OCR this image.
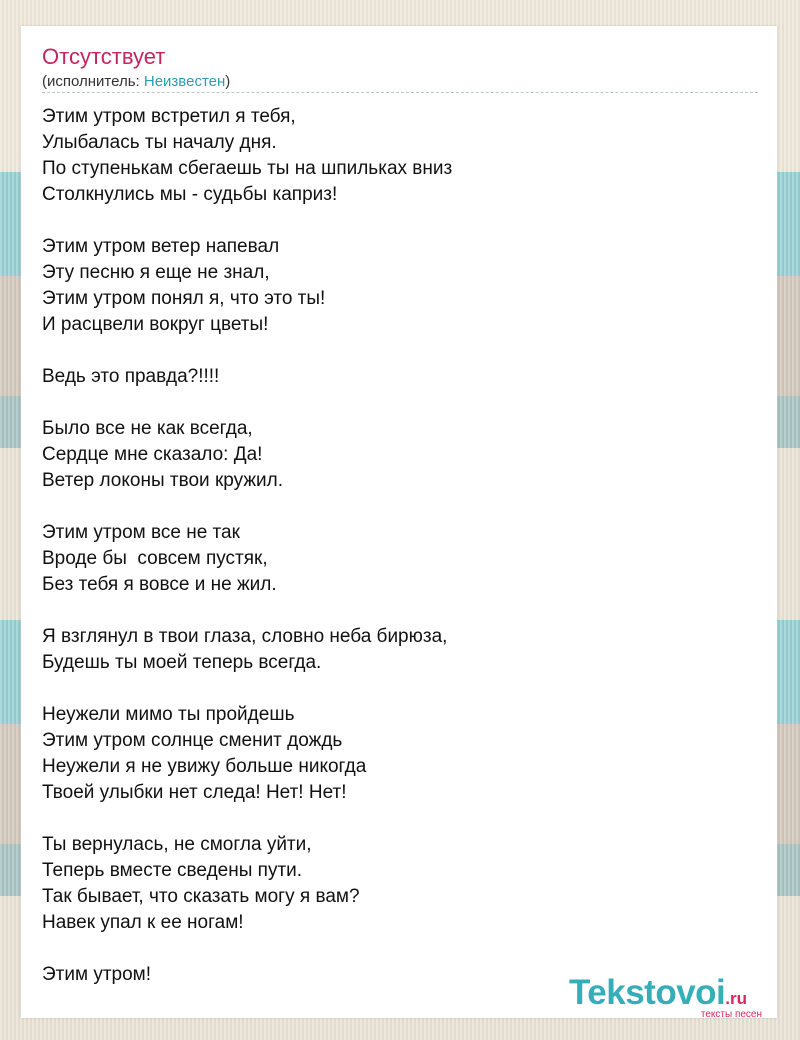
Отсутствует
(исполнитель: Неизвестен)
Этим утром встретил я тебя,
Улыбалась ты началу дня.
По ступенькам сбегаешь ты на шпильках вниз
Столкнулись мы - судьбы каприз!
Этим утром ветер напевал
Эту песню я еще не знал,
Этим утром понял я, что это ты!
И расцвели вокруг цветы!
Ведь это правда?!!!!
Было все не как всегда,
Сердце мне сказало: Да!
Ветер локоны твои кружил.
Этим утром все не так
Вроде бы  совсем пустяк,
Без тебя я вовсе и не жил.
Я взглянул в твои глаза, словно неба бирюза,
Будешь ты моей теперь всегда.
Неужели мимо ты пройдешь
Этим утром солнце сменит дождь
Неужели я не увижу больше никогда
Твоей улыбки нет следа! Нет! Нет!
Ты вернулась, не смогла уйти,
Теперь вместе сведены пути.
Так бывает, что сказать могу я вам?
Навек упал к ее ногам!
Этим утром!	Tekstovoi.ru
тексты песен
